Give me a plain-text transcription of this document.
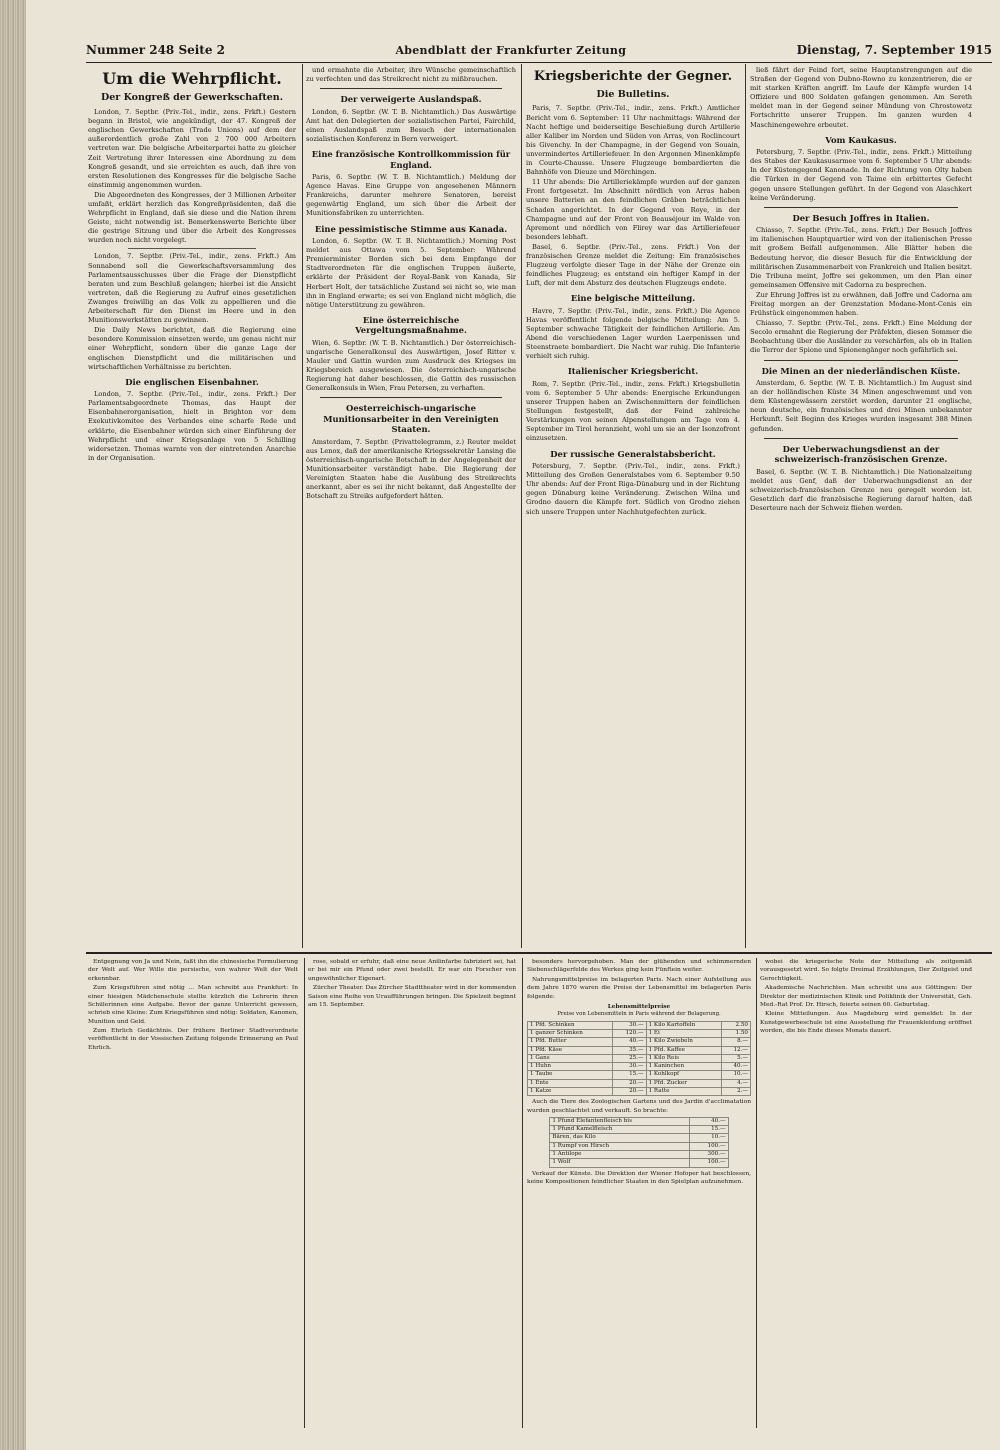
Nummer 248 Seite 2	Abendblatt der Frankfurter Zeitung	Dienstag, 7. September 1915
Um die Wehrpflicht.
Der Kongreß der Gewerkschaften.

London, 7. Septbr. (Priv.-Tel., indir., zens. Frkft.) Gestern begann in Bristol, wie angekündigt, der 47. Kongreß der englischen Gewerkschaften (Trade Unions) auf dem der außerordentlich große Zahl von 2 700 000 Arbeitern vertreten war. Die belgische Arbeiterpartei hatte zu gleicher Zeit Vertretung ihrer Interessen eine Abordnung zu dem Kongreß gesandt, und sie erreichten es auch, daß ihre von ersten Resolutionen des Kongresses für die belgische Sache einstimmig angenommen wurden.

Die Abgeordneten des Kongresses, der 3 Millionen Arbeiter umfaßt, erklärt herzlich das Kongreßpräsidenten, daß die Wehrpflicht in England, daß sie diese und die Nation ihrem Geiste, nicht notwendig ist. Bemerkenswerte Berichte über die gestrige Sitzung und über die Arbeit des Kongresses wurden noch nicht vorgelegt.

London, 7. Septbr. (Priv.-Tel., indir., zens. Frkft.) Am Sonnabend soll die Gewerkschaftsversammlung des Parlamentsausschusses über die Frage der Dienstpflicht beraten und zum Beschluß gelangen; hierbei ist die Ansicht vertreten, daß die Regierung zu Aufruf eines gesetzlichen Zwanges freiwillig an das Volk zu appellieren und die Arbeiterschaft für den Dienst im Heere und in den Munitionswerkstätten zu gewinnen.

Die Daily News berichtet, daß die Regierung eine besondere Kommission einsetzen werde, um genau nicht nur einer Wehrpflicht, sondern über die ganze Lage der englischen Dienstpflicht und die militärischen und wirtschaftlichen Verhältnisse zu berichten.

Die englischen Eisenbahner.

London, 7. Septbr. (Priv.-Tel., indir., zens. Frkft.) Der Parlamentsabgeordnete Thomas, das Haupt der Eisenbahnerorganisation, hielt in Brighton vor dem Exekutivkomitee des Verbandes eine scharfe Rede und erklärte, die Eisenbahner würden sich einer Einführung der Wehrpflicht und einer Kriegsanlage von 5 Schilling widersetzen. Thomas warnte von der eintretenden Anarchie in der Organisation.

und ermahnte die Arbeiter, ihre Wünsche gemeinschaftlich zu verfechten und das Streikrecht nicht zu mißbrauchen.

Der verweigerte Auslandspaß.

London, 6. Septbr. (W. T. B. Nichtamtlich.) Das Auswärtige Amt hat den Delegierten der sozialistischen Partei, Fairchild, einen Auslandspaß zum Besuch der internationalen sozialistischen Konferenz in Bern verweigert.

Eine französische Kontrollkommission für England.

Paris, 6. Septbr. (W. T. B. Nichtamtlich.) Meldung der Agence Havas. Eine Gruppe von angesehenen Männern Frankreichs, darunter mehrere Senatoren, bereist gegenwärtig England, um sich über die Arbeit der Munitionsfabriken zu unterrichten.

Eine pessimistische Stimme aus Kanada.

London, 6. Septbr. (W. T. B. Nichtamtlich.) Morning Post meldet aus Ottawa vom 5. September: Während Premierminister Borden sich bei dem Empfange der Stadtverordneten für die englischen Truppen äußerte, erklärte der Präsident der Royal-Bank von Kanada, Sir Herbert Holt, der tatsächliche Zustand sei nicht so, wie man ihn in England erwarte; es sei von England nicht möglich, die nötige Unterstützung zu gewähren.

Eine österreichische Vergeltungsmaßnahme.

Wien, 6. Septbr. (W. T. B. Nichtamtlich.) Der österreichisch-ungarische Generalkonsul des Auswärtigen, Josef Ritter v. Mauler und Gattin wurden zum Ausdruck des Kriegses im Kriegsbereich ausgewiesen. Die österreichisch-ungarische Regierung hat daher beschlossen, die Gattin des russischen Generalkonsuls in Wien, Frau Petersen, zu verhaften.

Oesterreichisch-ungarische Munitionsarbeiter in den Vereinigten Staaten.

Amsterdam, 7. Septbr. (Privattelegramm, z.) Reuter meldet aus Lenox, daß der amerikanische Kriegssekretär Lansing die österreichisch-ungarische Botschaft in der Angelegenheit der Munitionsarbeiter verständigt habe. Die Regierung der Vereinigten Staaten habe die Ausübung des Streikrechts anerkannt, aber es sei ihr nicht bekannt, daß Angestellte der Botschaft zu Streiks aufgefordert hätten.

Kriegsberichte der Gegner.
Die Bulletins.

Paris, 7. Septbr. (Priv.-Tel., indir., zens. Frkft.) Amtlicher Bericht vom 6. September: 11 Uhr nachmittags: Während der Nacht heftige und beiderseitige Beschießung durch Artillerie aller Kaliber im Norden und Süden von Arras, von Roclincourt bis Givenchy. In der Champagne, in der Gegend von Souain, unvermindertes Artilleriefeuer. In den Argonnen Minenkämpfe in Courte-Chausse. Unsere Flugzeuge bombardierten die Bahnhöfe von Dieuze und Mörchingen.

11 Uhr abends: Die Artilleriekämpfe wurden auf der ganzen Front fortgesetzt. Im Abschnitt nördlich von Arras haben unsere Batterien an den feindlichen Gräben beträchtlichen Schaden angerichtet. In der Gegend von Roye, in der Champagne und auf der Front von Beauséjour im Walde von Apremont und nördlich von Flirey war das Artilleriefeuer besonders lebhaft.

Basel, 6. Septbr. (Priv.-Tel., zens. Frkft.) Von der französischen Grenze meldet die Zeitung: Ein französisches Flugzeug verfolgte dieser Tage in der Nähe der Grenze ein feindliches Flugzeug; es entstand ein heftiger Kampf in der Luft, der mit dem Absturz des deutschen Flugzeugs endete.

Eine belgische Mitteilung.

Havre, 7. Septbr. (Priv.-Tel., indir., zens. Frkft.) Die Agence Havas veröffentlicht folgende belgische Mitteilung: Am 5. September schwache Tätigkeit der feindlichen Artillerie. Am Abend die verschiedenen Lager wurden Laerpenissen und Steenstraete bombardiert. Die Nacht war ruhig. Die Infanterie verhielt sich ruhig.

Italienischer Kriegsbericht.

Rom, 7. Septbr. (Priv.-Tel., indir., zens. Frkft.) Kriegsbulletin vom 6. September 5 Uhr abends: Energische Erkundungen unserer Truppen haben an Zwischenmittern der feindlichen Stellungen festgestellt, daß der Feind zahlreiche Verstärkungen von seinen Alpenstellungen am Tage vom 4. September im Tirol heranzieht, wohl um sie an der Isonzofront einzusetzen.

Der russische Generalstabsbericht.

Petersburg, 7. Septbr. (Priv.-Tel., indir., zens. Frkft.) Mitteilung des Großen Generalstabes vom 6. September 9.50 Uhr abends: Auf der Front Riga-Dünaburg und in der Richtung gegen Dünaburg keine Veränderung. Zwischen Wilna und Grodno dauern die Kämpfe fort. Südlich von Grodno ziehen sich unsere Truppen unter Nachhutgefechten zurück.

ließ fährt der Feind fort, seine Hauptanstrengungen auf die Straßen der Gegend von Dubno-Rowno zu konzentrieren, die er mit starken Kräften angriff. Im Laufe der Kämpfe wurden 14 Offiziere und 800 Soldaten gefangen genommen. Am Sereth meldet man in der Gegend seiner Mündung von Chrostowetz Fortschritte unserer Truppen. Im ganzen wurden 4 Maschinengewehre erbeutet.

Vom Kaukasus.

Petersburg, 7. Septbr. (Priv.-Tel., indir., zens. Frkft.) Mitteilung des Stabes der Kaukasusarmee vom 6. September 5 Uhr abends: In der Küstengegend Kanonade. In der Richtung von Olty haben die Türken in der Gegend von Taime ein erbittertes Gefecht gegen unsere Stellungen geführt. In der Gegend von Alaschkert keine Veränderung.

Der Besuch Joffres in Italien.

Chiasso, 7. Septbr. (Priv.-Tel., zens. Frkft.) Der Besuch Joffres im italienischen Hauptquartier wird von der italienischen Presse mit großem Beifall aufgenommen. Alle Blätter heben die Bedeutung hervor, die dieser Besuch für die Entwicklung der militärischen Zusammenarbeit von Frankreich und Italien besitzt. Die Tribuna meint, Joffre sei gekommen, um den Plan einer gemeinsamen Offensive mit Cadorna zu besprechen.

Zur Ehrung Joffres ist zu erwähnen, daß Joffre und Cadorna am Freitag morgen an der Grenzstation Modane-Mont-Cenis ein Frühstück eingenommen haben.

Chiasso, 7. Septbr. (Priv.-Tel., zens. Frkft.) Eine Meldung der Secolo ermahnt die Regierung der Präfekten, diesen Sommer die Beobachtung über die Ausländer zu verschärfen, als ob in Italien die Terror der Spione und Spionengänger noch gefährlich sei.

Die Minen an der niederländischen Küste.

Amsterdam, 6. Septbr. (W. T. B. Nichtamtlich.) Im August sind an der holländischen Küste 34 Minen angeschwemmt und von dem Küstengewässern zerstört worden, darunter 21 englische, neun deutsche, ein französisches und drei Minen unbekannter Herkunft. Seit Beginn des Krieges wurden insgesamt 388 Minen gefunden.

Der Ueberwachungsdienst an der schweizerisch-französischen Grenze.

Basel, 6. Septbr. (W. T. B. Nichtamtlich.) Die Nationalzeitung meldet aus Genf, daß der Ueberwachungsdienst an der schweizerisch-französischen Grenze neu geregelt worden ist. Gesetzlich darf die französische Regierung darauf halten, daß Deserteure nach der Schweiz fliehen werden.

Entgegnung von Ja und Nein, faßt ihn die chinesische Formulierung der Welt auf. Wer Wille die persische, von wahrer Welt der Welt erkennbar.

Zum Kriegsführen sind nötig ... Man schreibt aus Frankfurt: In einer hiesigen Mädchenschule stellte kürzlich die Lehrerin ihren Schülerinnen eine Aufgabe. Bevor der ganze Unterricht gewesen, schrieb eine Kleine: Zum Kriegsführen sind nötig: Soldaten, Kanonen, Munition und Geld.

Zum Ehrlich Gedächtnis. Der frühere Berliner Stadtverordnete veröffentlicht in der Vossischen Zeitung folgende Erinnerung an Paul Ehrlich.

rose, sobald er erfuhr, daß eine neue Anilinfarbe fabriziert sei, hat er bei mir ein Pfund oder zwei bestellt. Er war ein Forscher von ungewöhnlicher Eigenart.

Zürcher Theater. Das Zürcher Stadttheater wird in der kommenden Saison eine Reihe von Uraufführungen bringen. Die Spielzeit beginnt am 15. September.

besonders hervorgehoben. Man der glühenden und schimmernden Siebenschlägerfelde des Werkes ging kein Fünftein weiter.

Nahrungsmittelpreise im belagerten Paris. Nach einer Aufstellung aus dem Jahre 1870 waren die Preise der Lebensmittel im belagerten Paris folgende:

Lebensmittelpreise
Preise von Lebensmitteln in Paris während der Belagerung.
1 Pfd. Schinken	30.—	1 Kilo Kartoffeln	2.50
1 ganzer Schinken	120.—	1 Ei	1.50
1 Pfd. Butter	40.—	1 Kilo Zwiebeln	8.—
1 Pfd. Käse	35.—	1 Pfd. Kaffee	12.—
1 Gans	25.—	1 Kilo Reis	5.—
1 Huhn	30.—	1 Kaninchen	40.—
1 Taube	15.—	1 Kohlkopf	10.—
1 Ente	20.—	1 Pfd. Zucker	4.—
1 Katze	20.—	1 Ratte	2.—

Auch die Tiere des Zoologischen Gartens und des Jardin d'acclimatation wurden geschlachtet und verkauft. So brachte:

1 Pfund Elefantenfleisch bis	40.—
1 Pfund Kamelfleisch	15.—
Bären, das Kilo	10.—
1 Rumpf von Hirsch	100.—
1 Antilope	300.—
1 Wolf	100.—

Verkauf der Künste. Die Direktion der Wiener Hofoper hat beschlossen, keine Kompositionen feindlicher Staaten in den Spielplan aufzunehmen.

wobei die kriegerische Note der Mitteilung als zeitgemäß vorausgesetzt wird. So folgte Dreimal Erzählungen, Der Zeitgeist und Gerechtigkeit.

Akademische Nachrichten. Man schreibt uns aus Göttingen: Der Direktor der medizinischen Klinik und Poliklinik der Universität, Geh. Med.-Rat Prof. Dr. Hirsch, feierte seinen 60. Geburtstag.

Kleine Mitteilungen. Aus Magdeburg wird gemeldet: In der Kunstgewerbeschule ist eine Ausstellung für Frauenkleidung eröffnet worden, die bis Ende dieses Monats dauert.
